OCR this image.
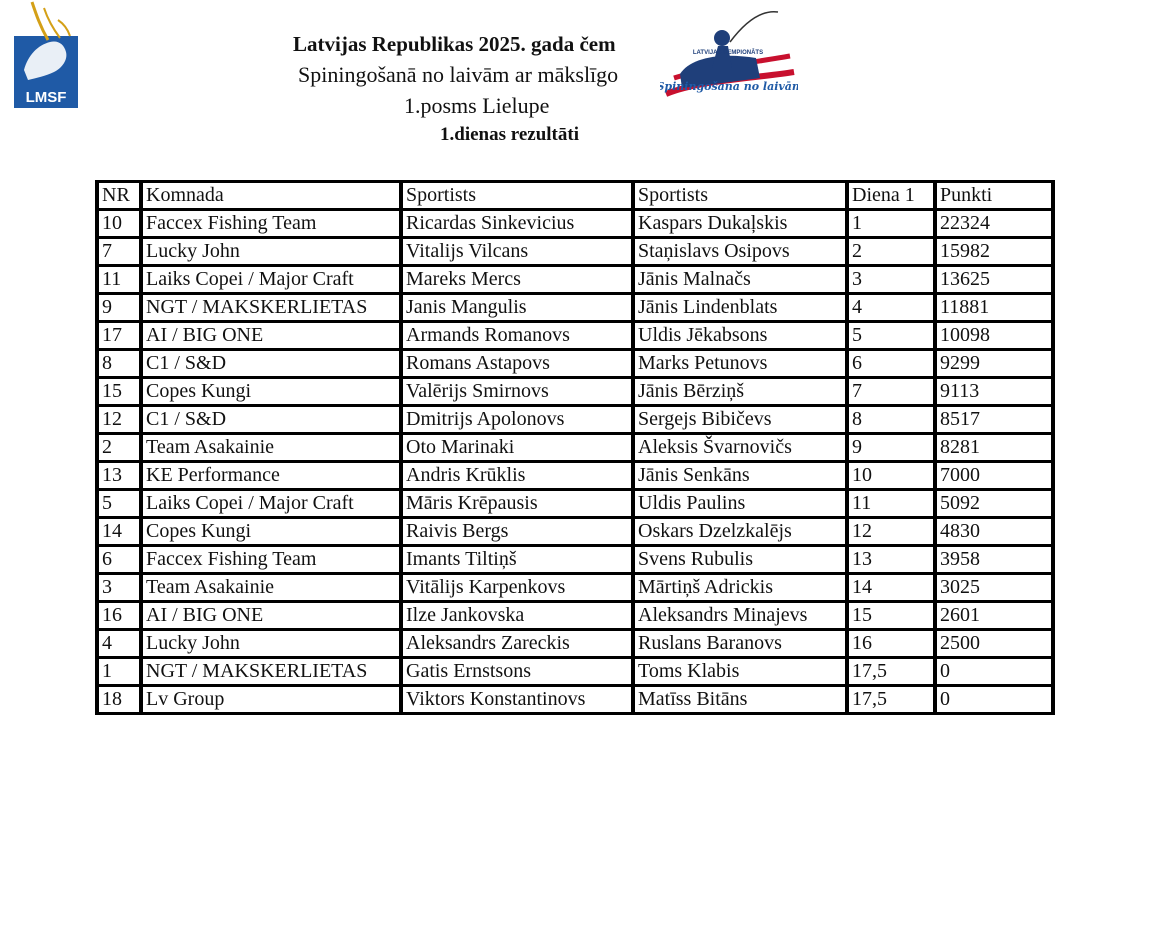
LMSF
Latvijas Republikas 2025. gada čem
Spiningošanā no laivām ar mākslīgo
1.posms Lielupe
1.dienas rezultāti
LATVIJAS ČEMPIONĀTS
Spiningošana no laivām
NR	Komnada	Sportists	Sportists	Diena 1	Punkti
10	Faccex Fishing Team	Ricardas Sinkevicius	Kaspars Dukaļskis	1	22324
7	Lucky John	Vitalijs Vilcans	Staņislavs Osipovs	2	15982
11	Laiks Copei / Major Craft	Mareks Mercs	Jānis Malnačs	3	13625
9	NGT / MAKSKERLIETAS	Janis Mangulis	Jānis Lindenblats	4	11881
17	AI / BIG ONE	Armands Romanovs	Uldis Jēkabsons	5	10098
8	C1 / S&D	Romans Astapovs	Marks Petunovs	6	9299
15	Copes Kungi	Valērijs Smirnovs	Jānis Bērziņš	7	9113
12	C1 / S&D	Dmitrijs Apolonovs	Sergejs Bibičevs	8	8517
2	Team Asakainie	Oto Marinaki	Aleksis Švarnovičs	9	8281
13	KE Performance	Andris Krūklis	Jānis Senkāns	10	7000
5	Laiks Copei / Major Craft	Māris Krēpausis	Uldis Paulins	11	5092
14	Copes Kungi	Raivis Bergs	Oskars Dzelzkalējs	12	4830
6	Faccex Fishing Team	Imants Tiltiņš	Svens Rubulis	13	3958
3	Team Asakainie	Vitālijs Karpenkovs	Mārtiņš Adrickis	14	3025
16	AI / BIG ONE	Ilze Jankovska	Aleksandrs Minajevs	15	2601
4	Lucky John	Aleksandrs Zareckis	Ruslans Baranovs	16	2500
1	NGT / MAKSKERLIETAS	Gatis Ernstsons	Toms Klabis	17,5	0
18	Lv Group	Viktors Konstantinovs	Matīss Bitāns	17,5	0
